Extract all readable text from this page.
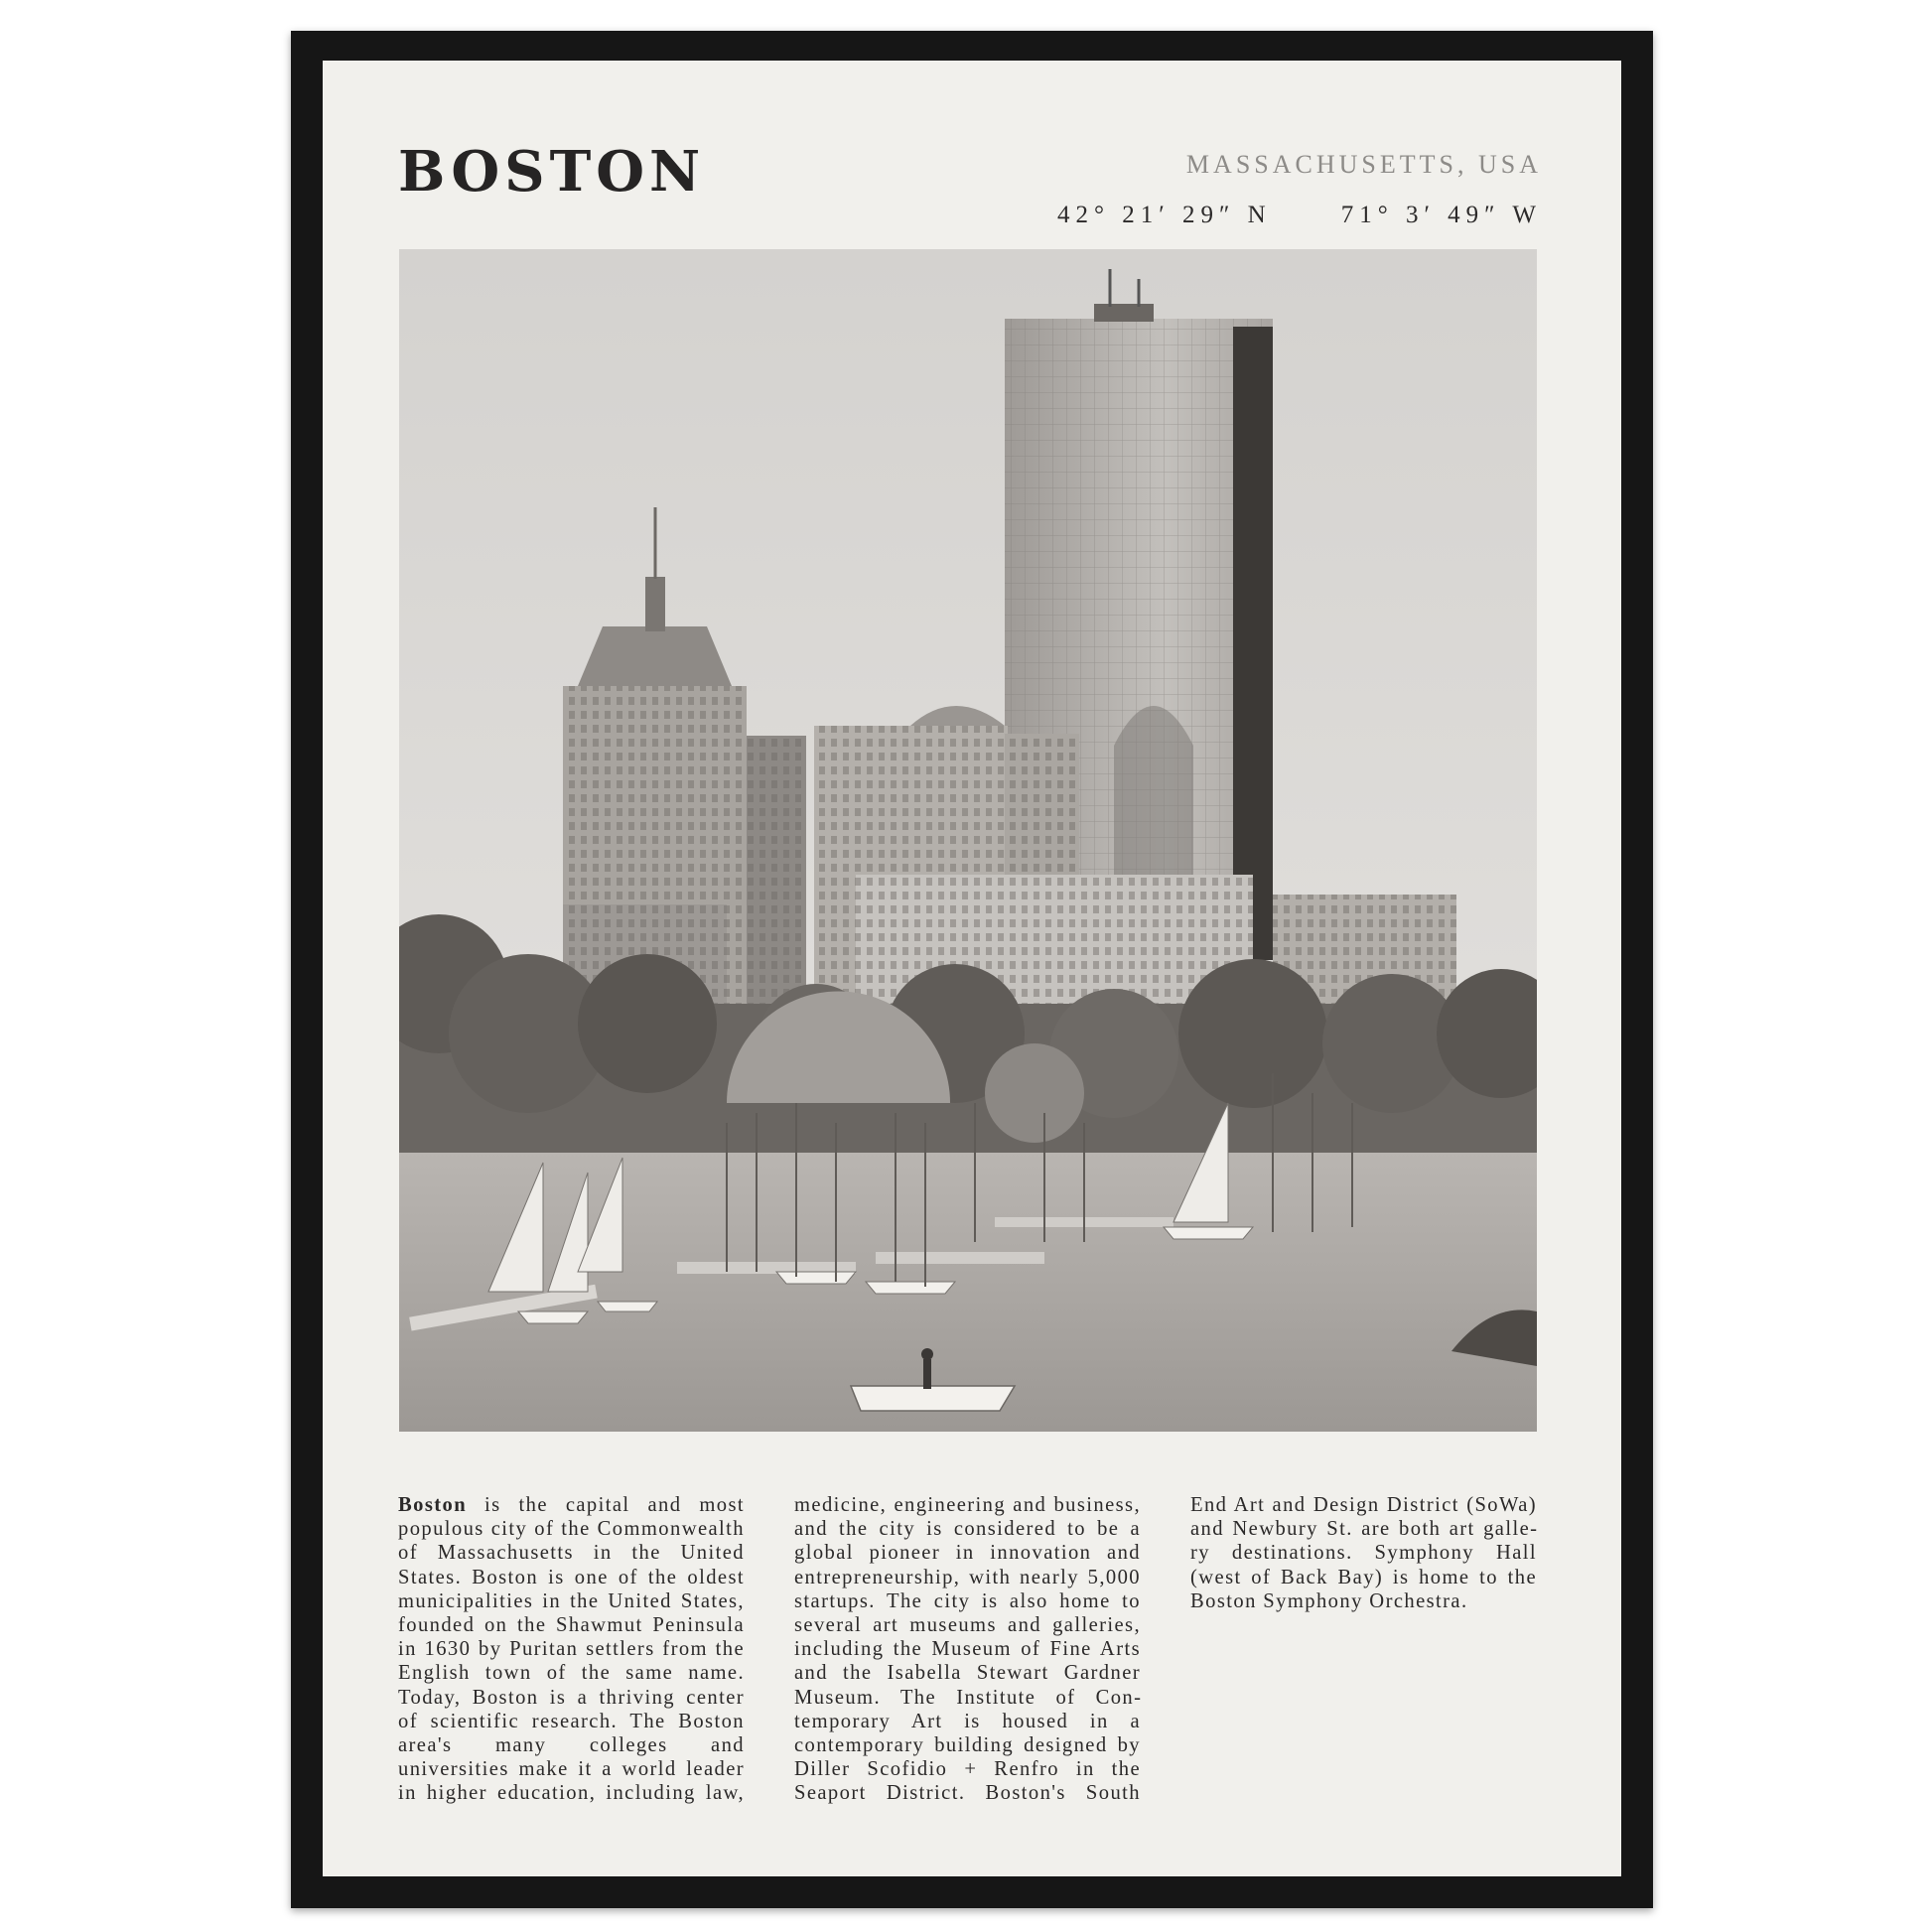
BOSTON	MASSACHUSETTS, USA

42° 21′ 29″ N	71° 3′ 49″ W
Boston is the capital and most populous city of the Commonwealth of Massachusetts in the United States. Boston is one of the oldest municipalities in the United States, founded on the Shawmut Peninsula in 1630 by Puritan settlers from the English town of the same name. Today, Boston is a thriving center of scientific research. The Boston area's many colleges and universities make it a world leader in higher education, including law, medicine, engineering and business, and the city is considered to be a global pioneer in innovation and entrepreneurship, with nearly 5,000 startups. The city is also home to several art museums and galleries, including the Museum of Fine Arts and the Isabella Stewart Gardner Museum. The Institute of Contemporary Art is housed in a contemporary building designed by Diller Scofidio + Renfro in the Seaport District. Boston's South End Art and Design District (SoWa) and Newbury St. are both art gallery destinations. Symphony Hall (west of Back Bay) is home to the Boston Symphony Orchestra.
